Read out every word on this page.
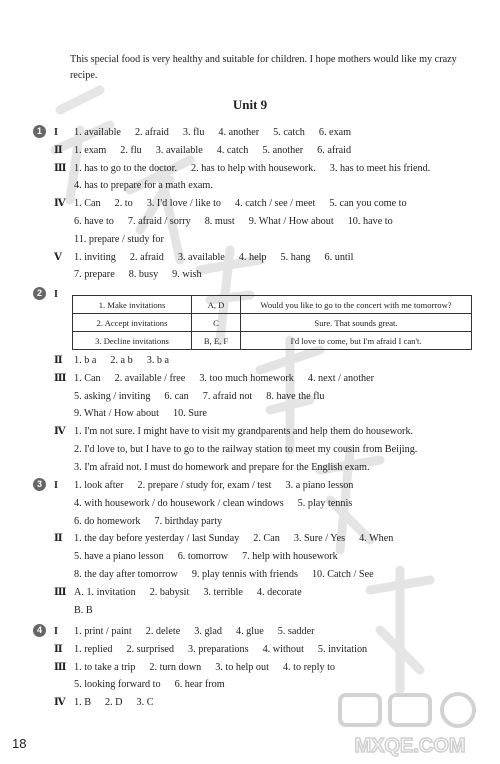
This special food is very healthy and suitable for children. I hope mothers would like my crazy recipe.
Unit 9
1	I 1. available 2. afraid 3. flu 4. another 5. catch 6. exam
Ⅱ 1. exam 2. flu 3. available 4. catch 5. another 6. afraid
Ⅲ 1. has to go to the doctor. 2. has to help with housework. 3. has to meet his friend.
4. has to prepare for a math exam.
Ⅳ 1. Can 2. to 3. I'd love / like to 4. catch / see / meet 5. can you come to
6. have to 7. afraid / sorry 8. must 9. What / How about 10. have to
11. prepare / study for
Ⅴ 1. inviting 2. afraid 3. available 4. help 5. hang 6. until
7. prepare 8. busy 9. wish
2	I
1. Make invitations	A, D	Would you like to go to the concert with me tomorrow?
2. Accept invitations	C	Sure. That sounds great.
3. Decline invitations	B, E, F	I'd love to come, but I'm afraid I can't.
Ⅱ 1. b a 2. a b 3. b a
Ⅲ 1. Can 2. available / free 3. too much homework 4. next / another
5. asking / inviting 6. can 7. afraid not 8. have the flu
9. What / How about 10. Sure
Ⅳ 1. I'm not sure. I might have to visit my grandparents and help them do housework.
2. I'd love to, but I have to go to the railway station to meet my cousin from Beijing.
3. I'm afraid not. I must do homework and prepare for the English exam.
3	I 1. look after 2. prepare / study for, exam / test 3. a piano lesson
4. with housework / do housework / clean windows 5. play tennis
6. do homework 7. birthday party
Ⅱ 1. the day before yesterday / last Sunday 2. Can 3. Sure / Yes 4. When
5. have a piano lesson 6. tomorrow 7. help with housework
8. the day after tomorrow 9. play tennis with friends 10. Catch / See
Ⅲ A. 1. invitation 2. babysit 3. terrible 4. decorate
B. B
4	I 1. print / paint 2. delete 3. glad 4. glue 5. sadder
Ⅱ 1. replied 2. surprised 3. preparations 4. without 5. invitation
Ⅲ 1. to take a trip 2. turn down 3. to help out 4. to reply to
5. looking forward to 6. hear from
Ⅳ 1. B 2. D 3. C
MXQE.COM
18
